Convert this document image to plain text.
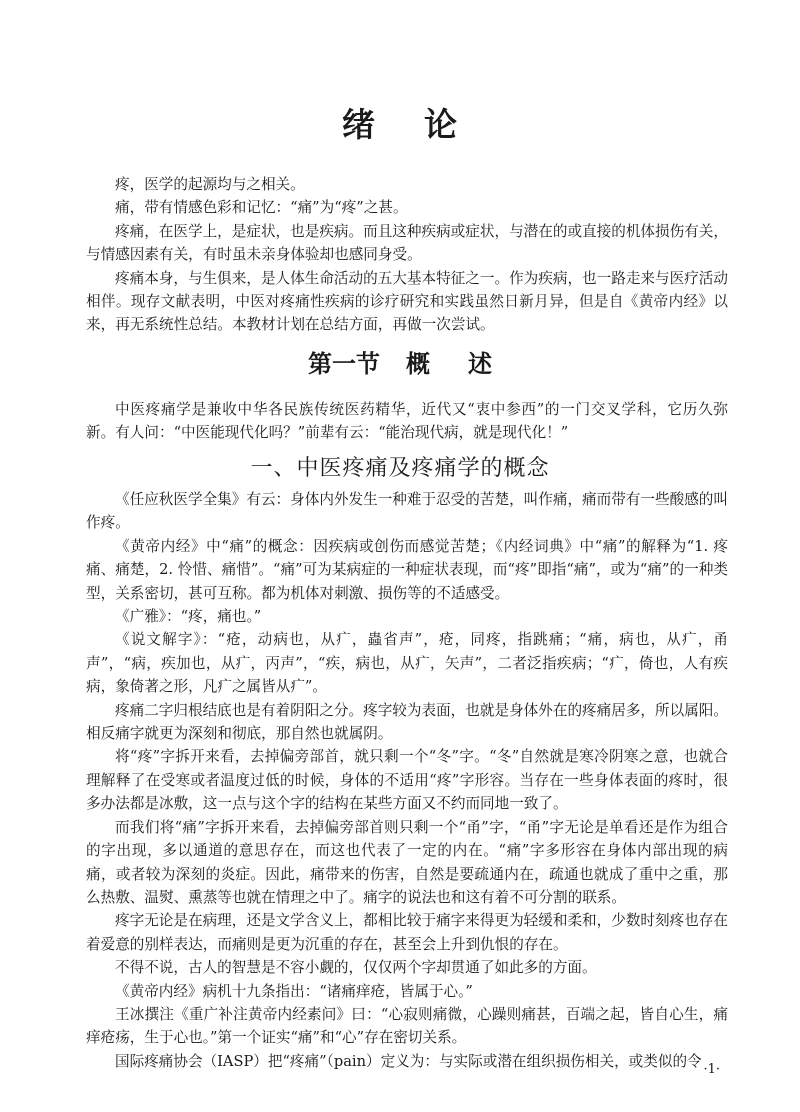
绪 论

疼，医学的起源均与之相关。

痛，带有情感色彩和记忆：“痛”为“疼”之甚。

疼痛，在医学上，是症状，也是疾病。而且这种疾病或症状，与潜在的或直接的机体损伤有关，与情感因素有关，有时虽未亲身体验却也感同身受。

疼痛本身，与生俱来，是人体生命活动的五大基本特征之一。作为疾病，也一路走来与医疗活动相伴。现存文献表明，中医对疼痛性疾病的诊疗研究和实践虽然日新月异，但是自《黄帝内经》以来，再无系统性总结。本教材计划在总结方面，再做一次尝试。

第一节 概 述

中医疼痛学是兼收中华各民族传统医药精华，近代又“衷中参西”的一门交叉学科，它历久弥新。有人问：“中医能现代化吗？”前辈有云：“能治现代病，就是现代化！”

一、中医疼痛及疼痛学的概念

《任应秋医学全集》有云：身体内外发生一种难于忍受的苦楚，叫作痛，痛而带有一些酸感的叫作疼。

《黄帝内经》中“痛”的概念：因疾病或创伤而感觉苦楚；《内经词典》中“痛”的解释为“1. 疼痛、痛楚，2. 怜惜、痛惜”。“痛”可为某病症的一种症状表现，而“疼”即指“痛”，或为“痛”的一种类型，关系密切，甚可互称。都为机体对刺激、损伤等的不适感受。

《广雅》：“疼，痛也。”

《说文解字》：“疮，动病也，从疒，蟲省声”，疮，同疼，指跳痛；“痛，病也，从疒，甬声”，“病，疾加也，从疒，丙声”，“疾，病也，从疒，矢声”，二者泛指疾病；“疒，倚也，人有疾病，象倚著之形，凡疒之属皆从疒”。

疼痛二字归根结底也是有着阴阳之分。疼字较为表面，也就是身体外在的疼痛居多，所以属阳。相反痛字就更为深刻和彻底，那自然也就属阴。

将“疼”字拆开来看，去掉偏旁部首，就只剩一个“冬”字。“冬”自然就是寒冷阴寒之意，也就合理解释了在受寒或者温度过低的时候，身体的不适用“疼”字形容。当存在一些身体表面的疼时，很多办法都是冰敷，这一点与这个字的结构在某些方面又不约而同地一致了。

而我们将“痛”字拆开来看，去掉偏旁部首则只剩一个“甬”字，“甬”字无论是单看还是作为组合的字出现，多以通道的意思存在，而这也代表了一定的内在。“痛”字多形容在身体内部出现的病痛，或者较为深刻的炎症。因此，痛带来的伤害，自然是要疏通内在，疏通也就成了重中之重，那么热敷、温熨、熏蒸等也就在情理之中了。痛字的说法也和这有着不可分割的联系。

疼字无论是在病理，还是文学含义上，都相比较于痛字来得更为轻缓和柔和，少数时刻疼也存在着爱意的别样表达，而痛则是更为沉重的存在，甚至会上升到仇恨的存在。

不得不说，古人的智慧是不容小觑的，仅仅两个字却贯通了如此多的方面。

《黄帝内经》病机十九条指出：“诸痛痒疮，皆属于心。”

王冰撰注《重广补注黄帝内经素问》曰：“心寂则痛微，心躁则痛甚，百端之起，皆自心生，痛痒疮疡，生于心也。”第一个证实“痛”和“心”存在密切关系。

国际疼痛协会（IASP）把“疼痛”（pain）定义为：与实际或潜在组织损伤相关，或类似的令 ·1·
